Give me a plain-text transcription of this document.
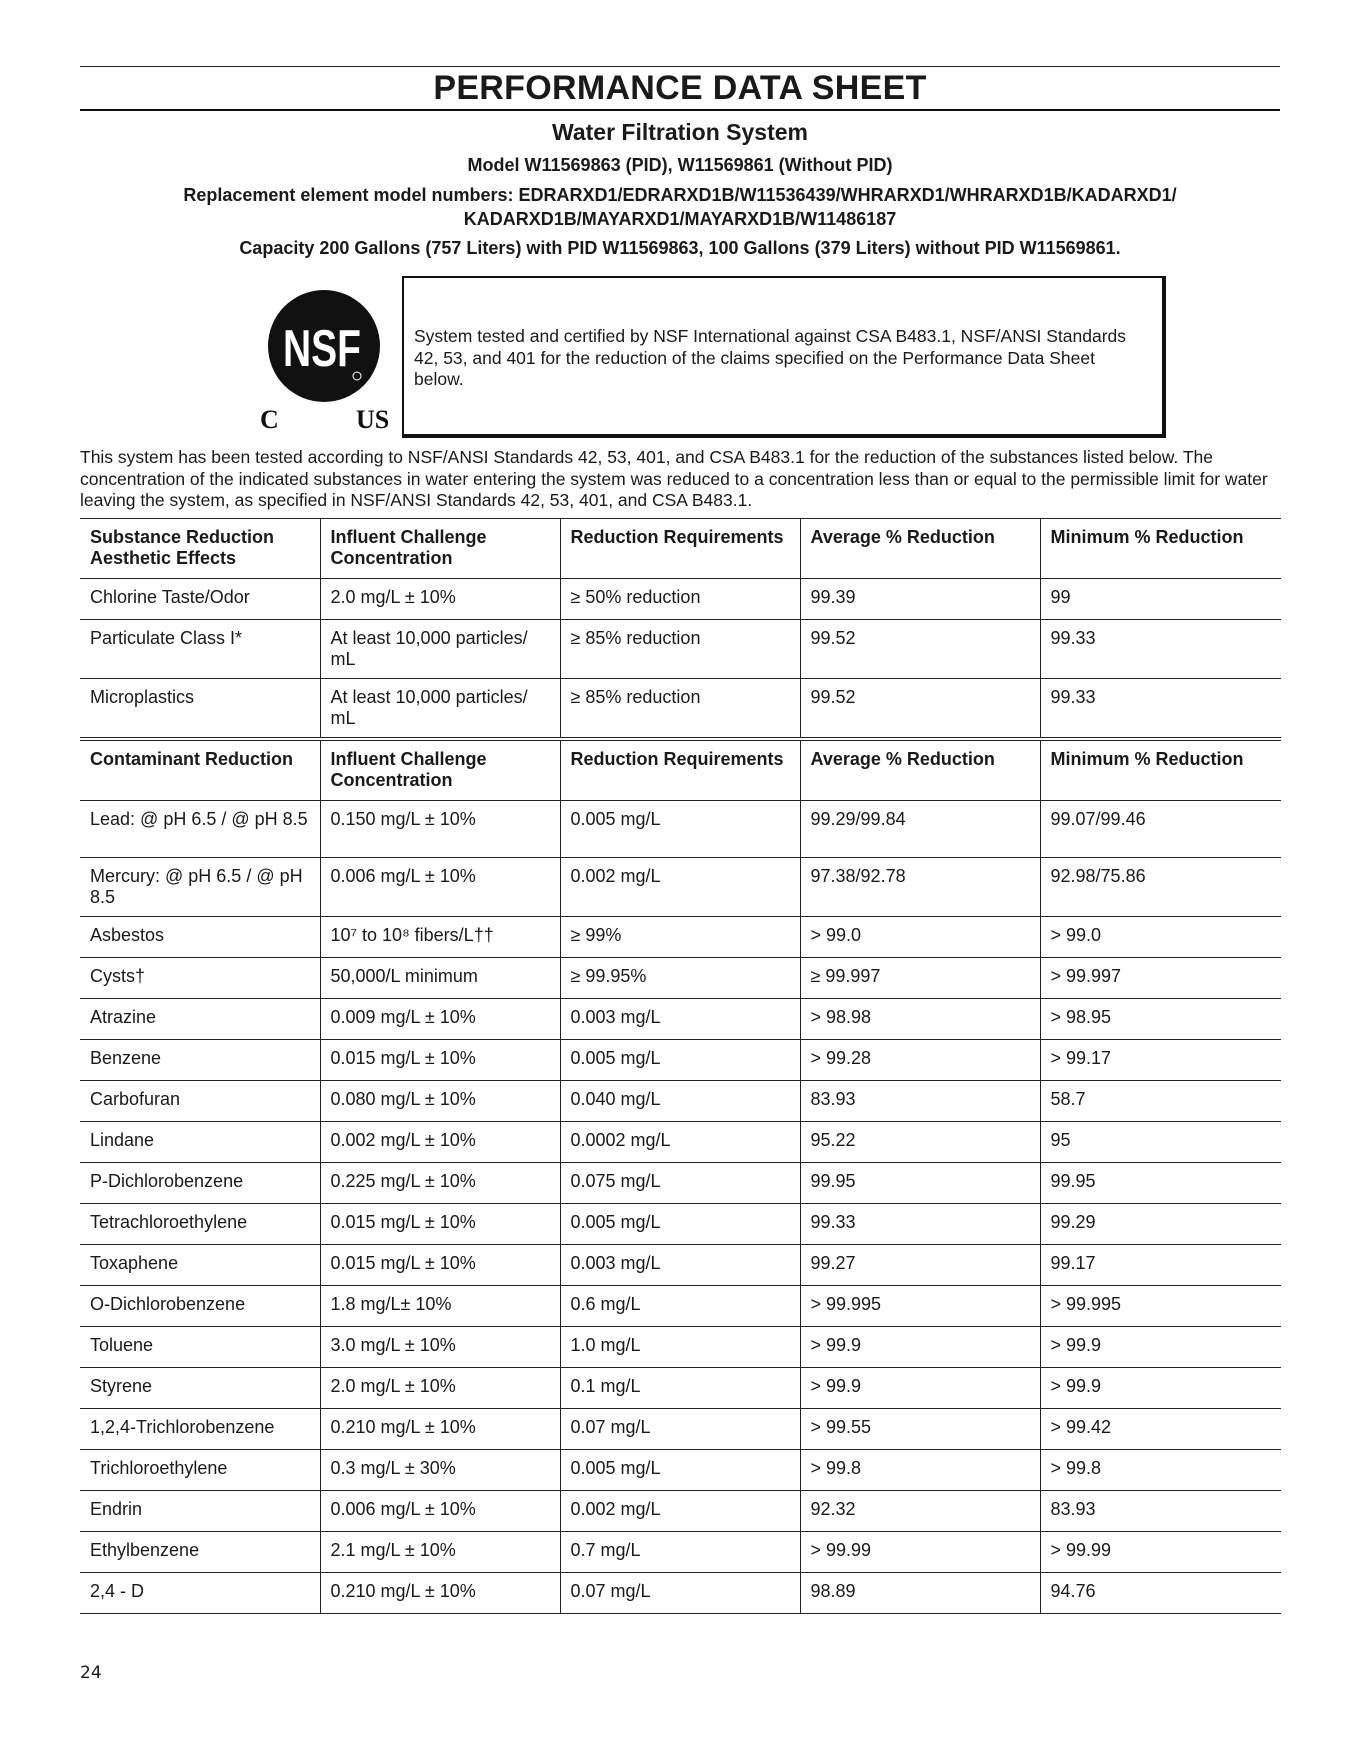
PERFORMANCE DATA SHEET
Water Filtration System
Model W11569863 (PID), W11569861 (Without PID)
Replacement element model numbers: EDRARXD1/EDRARXD1B/W11536439/WHRARXD1/WHRARXD1B/KADARXD1/
KADARXD1B/MAYARXD1/MAYARXD1B/W11486187
Capacity 200 Gallons (757 Liters) with PID W11569863, 100 Gallons (379 Liters) without PID W11569861.
NSF
C	US
System tested and certified by NSF International against CSA B483.1, NSF/ANSI Standards 42, 53, and 401 for the reduction of the claims specified on the Performance Data Sheet below.
This system has been tested according to NSF/ANSI Standards 42, 53, 401, and CSA B483.1 for the reduction of the substances listed below. The concentration of the indicated substances in water entering the system was reduced to a concentration less than or equal to the permissible limit for water leaving the system, as specified in NSF/ANSI Standards 42, 53, 401, and CSA B483.1.
Substance Reduction Aesthetic Effects	Influent Challenge Concentration	Reduction Requirements	Average % Reduction	Minimum % Reduction
Chlorine Taste/Odor	2.0 mg/L ± 10%	≥ 50% reduction	99.39	99
Particulate Class I*	At least 10,000 particles/ mL	≥ 85% reduction	99.52	99.33
Microplastics	At least 10,000 particles/ mL	≥ 85% reduction	99.52	99.33
Contaminant Reduction	Influent Challenge Concentration	Reduction Requirements	Average % Reduction	Minimum % Reduction
Lead: @ pH 6.5 / @ pH 8.5	0.150 mg/L ± 10%	0.005 mg/L	99.29/99.84	99.07/99.46
Mercury: @ pH 6.5 / @ pH 8.5	0.006 mg/L ± 10%	0.002 mg/L	97.38/92.78	92.98/75.86
Asbestos	10⁷ to 10⁸ fibers/L††	≥ 99%	> 99.0	> 99.0
Cysts†	50,000/L minimum	≥ 99.95%	≥ 99.997	> 99.997
Atrazine	0.009 mg/L ± 10%	0.003 mg/L	> 98.98	> 98.95
Benzene	0.015 mg/L ± 10%	0.005 mg/L	> 99.28	> 99.17
Carbofuran	0.080 mg/L ± 10%	0.040 mg/L	83.93	58.7
Lindane	0.002 mg/L ± 10%	0.0002 mg/L	95.22	95
P-Dichlorobenzene	0.225 mg/L ± 10%	0.075 mg/L	99.95	99.95
Tetrachloroethylene	0.015 mg/L ± 10%	0.005 mg/L	99.33	99.29
Toxaphene	0.015 mg/L ± 10%	0.003 mg/L	99.27	99.17
O-Dichlorobenzene	1.8 mg/L± 10%	0.6 mg/L	> 99.995	> 99.995
Toluene	3.0 mg/L ± 10%	1.0 mg/L	> 99.9	> 99.9
Styrene	2.0 mg/L ± 10%	0.1 mg/L	> 99.9	> 99.9
1,2,4-Trichlorobenzene	0.210 mg/L ± 10%	0.07 mg/L	> 99.55	> 99.42
Trichloroethylene	0.3 mg/L ± 30%	0.005 mg/L	> 99.8	> 99.8
Endrin	0.006 mg/L ± 10%	0.002 mg/L	92.32	83.93
Ethylbenzene	2.1 mg/L ± 10%	0.7 mg/L	> 99.99	> 99.99
2,4 - D	0.210 mg/L ± 10%	0.07 mg/L	98.89	94.76
24
